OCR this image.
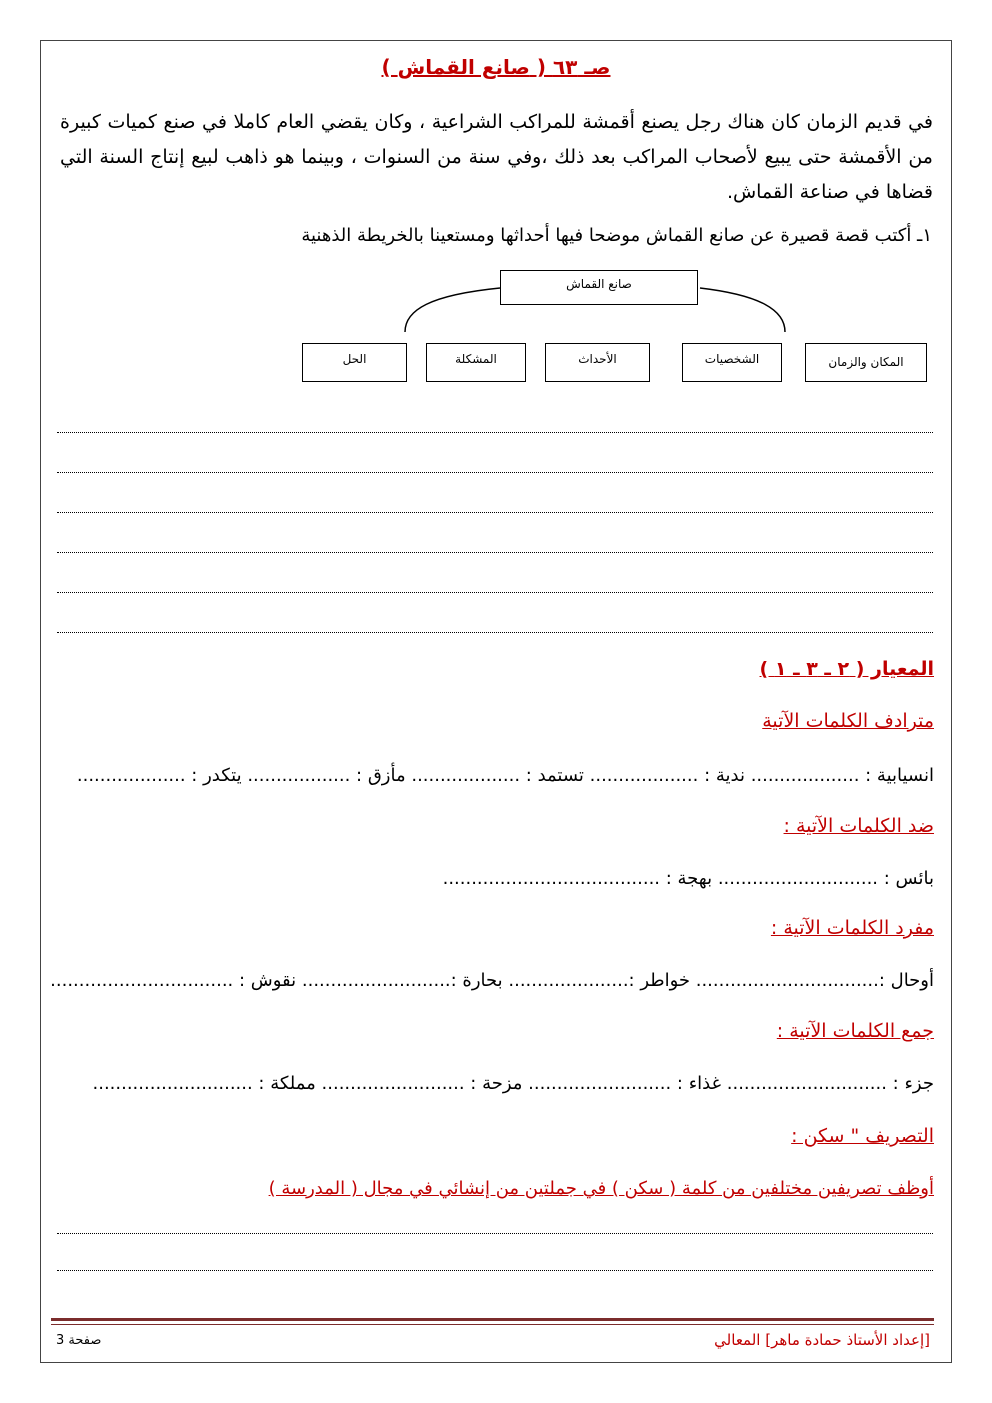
( صانع القماش ) صـ ٦٣
في قديم الزمان كان هناك رجل يصنع أقمشة للمراكب الشراعية ، وكان يقضي العام كاملا في صنع كميات كبيرة من الأقمشة حتى يبيع لأصحاب المراكب بعد ذلك ،وفي سنة من السنوات ، وبينما هو ذاهب لبيع إنتاج السنة التي قضاها في صناعة القماش.
١ـ أكتب قصة قصيرة عن صانع القماش موضحا فيها أحداثها ومستعينا بالخريطة الذهنية
صانع القماش
المكان والزمان
الشخصيات
الأحداث
المشكلة
الحل
المعيار ( ٢ ـ ٣ ـ ١ )
مترادف الكلمات الآتية
انسيابية : ................... ندية : ................... تستمد : ................... مأزق : .................. يتكدر : ...................
ضد الكلمات الآتية :
بائس : ............................ بهجة : ......................................
مفرد الكلمات الآتية :
أوحال :................................ خواطر :..................... بحارة :.......................... نقوش : ................................
جمع الكلمات الآتية :
جزء : ............................ غذاء : ......................... مزحة : ......................... مملكة : ............................
التصريف " سكن :
أوظف تصريفين مختلفين من كلمة ( سكن ) في جملتين من إنشائي في مجال ( المدرسة )
صفحة 3	[إعداد الأستاذ حمادة ماهر] المعالي
